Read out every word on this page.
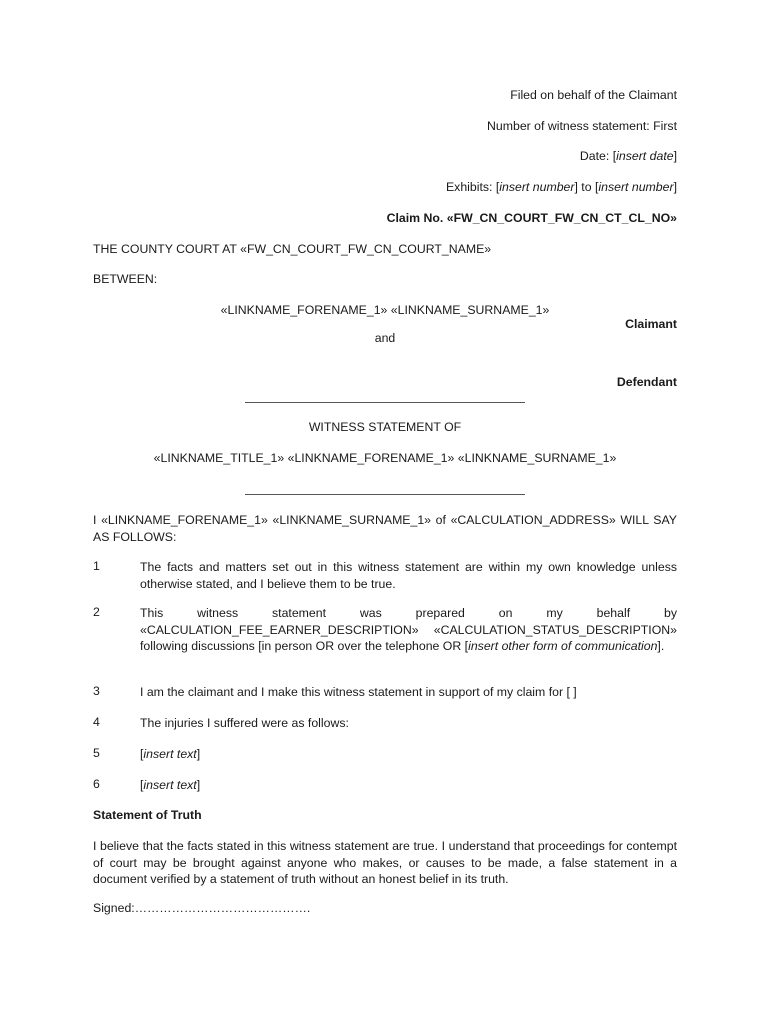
Filed on behalf of the Claimant
Number of witness statement: First
Date: [insert date]
Exhibits: [insert number] to [insert number]
Claim No. «FW_CN_COURT_FW_CN_CT_CL_NO»
THE COUNTY COURT AT «FW_CN_COURT_FW_CN_COURT_NAME»
BETWEEN:
«LINKNAME_FORENAME_1» «LINKNAME_SURNAME_1»
Claimant
and
Defendant
WITNESS STATEMENT OF
«LINKNAME_TITLE_1» «LINKNAME_FORENAME_1» «LINKNAME_SURNAME_1»
I «LINKNAME_FORENAME_1» «LINKNAME_SURNAME_1» of «CALCULATION_ADDRESS» WILL SAY AS FOLLOWS:
1	The facts and matters set out in this witness statement are within my own knowledge unless otherwise stated, and I believe them to be true.
2	This witness statement was prepared on my behalf by «CALCULATION_FEE_EARNER_DESCRIPTION» «CALCULATION_STATUS_DESCRIPTION» following discussions [in person OR over the telephone OR [insert other form of communication].
3	I am the claimant and I make this witness statement in support of my claim for [ ]
4	The injuries I suffered were as follows:
5	[insert text]
6	[insert text]
Statement of Truth
I believe that the facts stated in this witness statement are true. I understand that proceedings for contempt of court may be brought against anyone who makes, or causes to be made, a false statement in a document verified by a statement of truth without an honest belief in its truth.
Signed:…………………………………….
